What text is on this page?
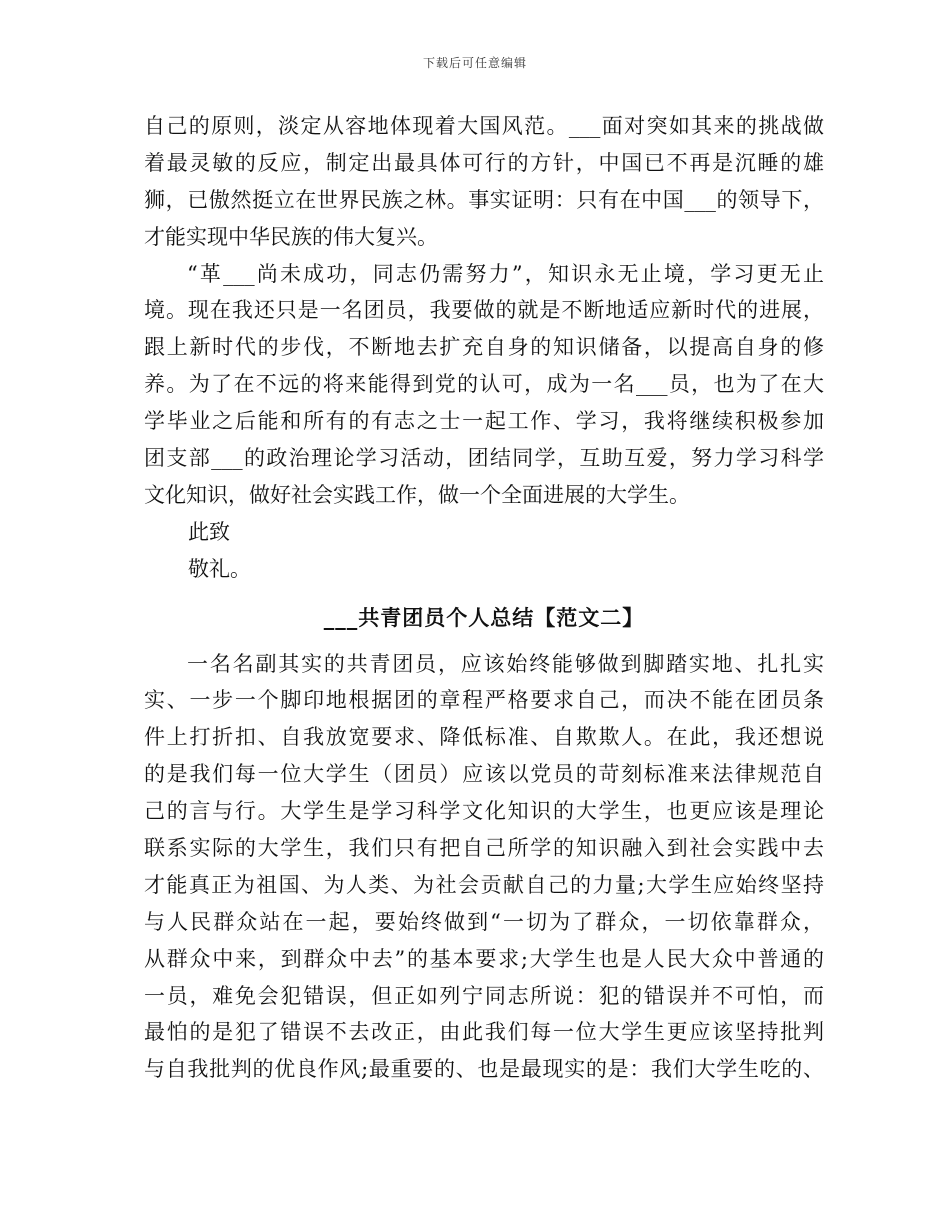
下载后可任意编辑
自己的原则，淡定从容地体现着大国风范。___面对突如其来的挑战做
着最灵敏的反应，制定出最具体可行的方针，中国已不再是沉睡的雄
狮，已傲然挺立在世界民族之林。事实证明：只有在中国___的领导下，
才能实现中华民族的伟大复兴。
“革___尚未成功，同志仍需努力”，知识永无止境，学习更无止
境。现在我还只是一名团员，我要做的就是不断地适应新时代的进展，
跟上新时代的步伐，不断地去扩充自身的知识储备，以提高自身的修
养。为了在不远的将来能得到党的认可，成为一名___员，也为了在大
学毕业之后能和所有的有志之士一起工作、学习，我将继续积极参加
团支部___的政治理论学习活动，团结同学，互助互爱，努力学习科学
文化知识，做好社会实践工作，做一个全面进展的大学生。
此致
敬礼。
___共青团员个人总结【范文二】
一名名副其实的共青团员，应该始终能够做到脚踏实地、扎扎实
实、一步一个脚印地根据团的章程严格要求自己，而决不能在团员条
件上打折扣、自我放宽要求、降低标准、自欺欺人。在此，我还想说
的是我们每一位大学生（团员）应该以党员的苛刻标准来法律规范自
己的言与行。大学生是学习科学文化知识的大学生，也更应该是理论
联系实际的大学生，我们只有把自己所学的知识融入到社会实践中去
才能真正为祖国、为人类、为社会贡献自己的力量;大学生应始终坚持
与人民群众站在一起，要始终做到“一切为了群众，一切依靠群众，
从群众中来，到群众中去”的基本要求;大学生也是人民大众中普通的
一员，难免会犯错误，但正如列宁同志所说：犯的错误并不可怕，而
最怕的是犯了错误不去改正，由此我们每一位大学生更应该坚持批判
与自我批判的优良作风;最重要的、也是最现实的是：我们大学生吃的、
